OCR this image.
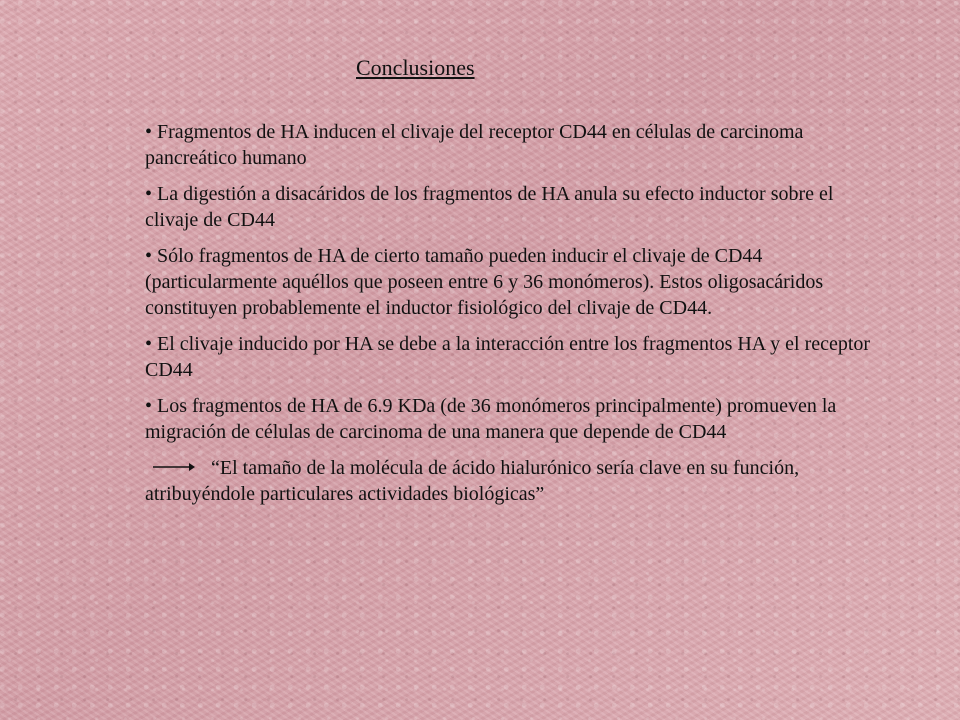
Conclusiones
• Fragmentos de HA inducen el clivaje del receptor CD44 en células de carcinoma pancreático humano
• La digestión a disacáridos de los fragmentos de HA anula su efecto inductor sobre el clivaje de CD44
• Sólo fragmentos de HA de cierto tamaño pueden inducir el clivaje de CD44 (particularmente aquéllos que poseen entre 6 y 36 monómeros). Estos oligosacáridos constituyen probablemente el inductor fisiológico del clivaje de CD44.
• El clivaje inducido por HA se debe a la interacción entre los fragmentos HA y el receptor CD44
• Los fragmentos de HA de 6.9 KDa (de 36 monómeros principalmente) promueven la migración de células de carcinoma de una manera que depende de CD44
“El tamaño de la molécula de ácido hialurónico sería clave en su función, atribuyéndole particulares actividades biológicas”
